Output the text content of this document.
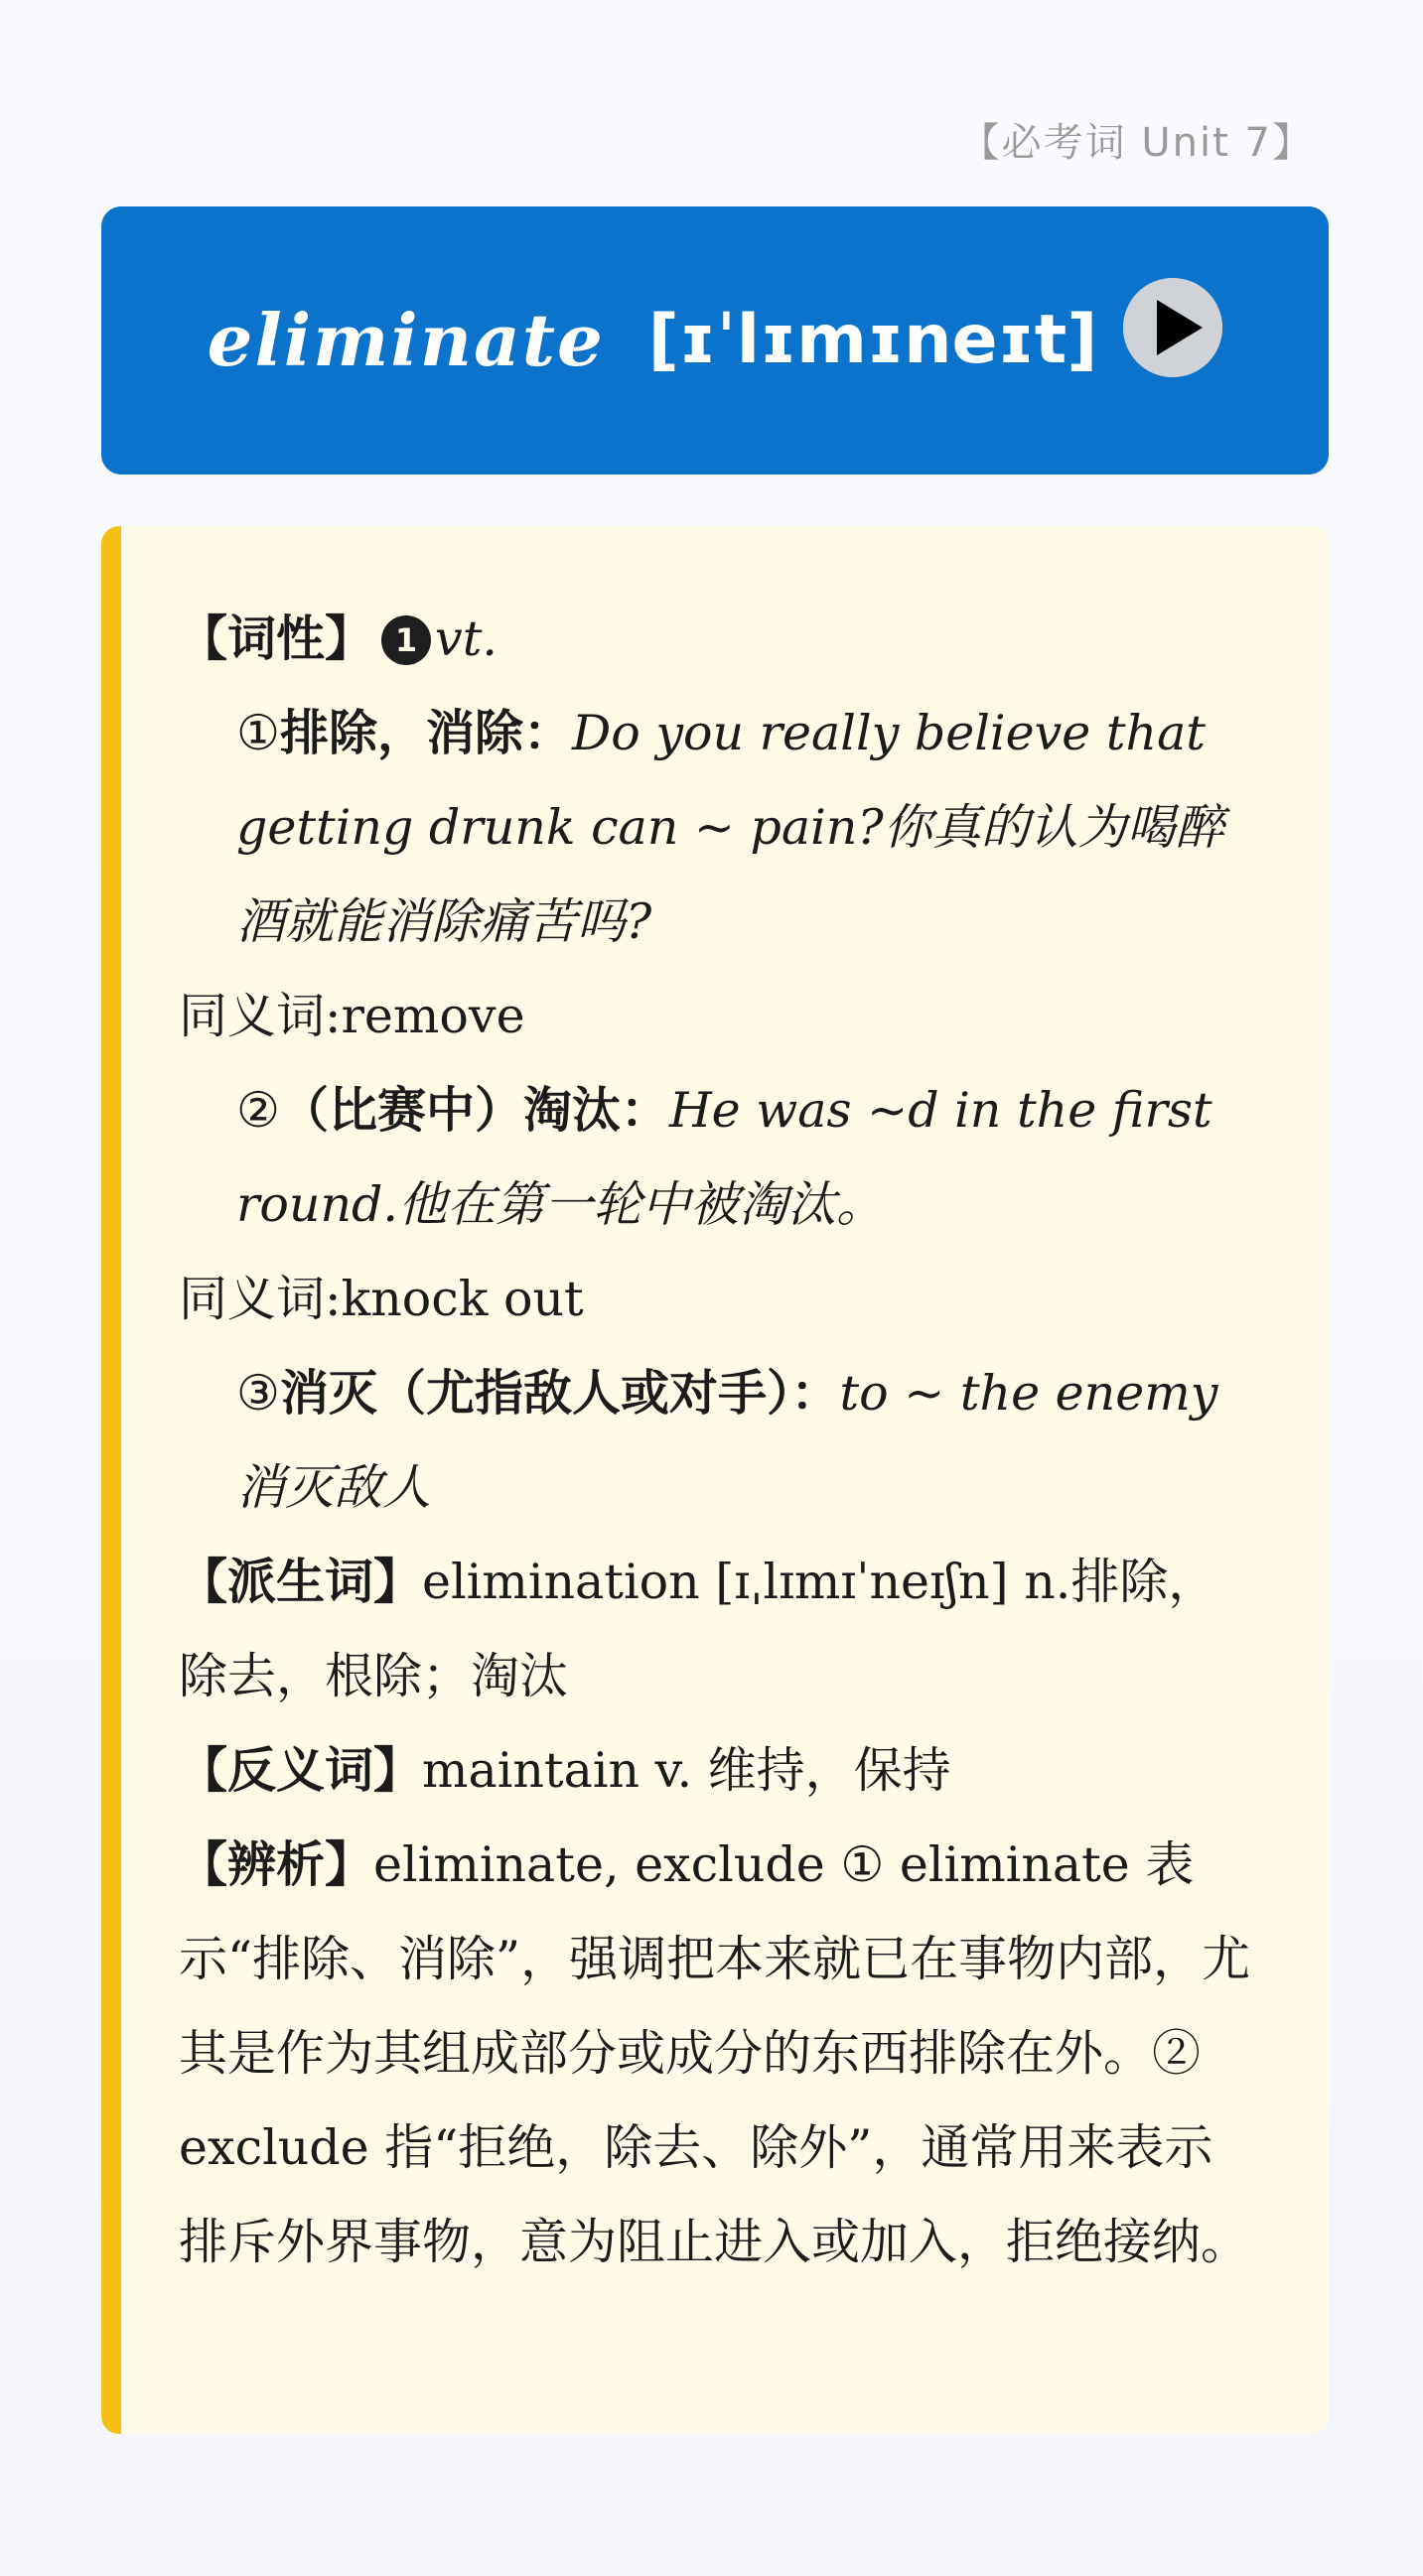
【必考词 Unit 7】
eliminate [ɪˈlɪmɪneɪt]

【词性】 1 vt.

①排除，消除：Do you really believe that getting drunk can ~ pain?你真的认为喝醉酒就能消除痛苦吗?

同义词:remove

②（比赛中）淘汰：He was ~d in the first round.他在第一轮中被淘汰。

同义词:knock out

③消灭（尤指敌人或对手）：to ~ the enemy 消灭敌人

【派生词】elimination [ɪˌlɪmɪˈneɪʃn] n.排除，除去，根除；淘汰

【反义词】maintain v. 维持，保持

【辨析】eliminate, exclude ① eliminate 表示“排除、消除”，强调把本来就已在事物内部，尤其是作为其组成部分或成分的东西排除在外。② exclude 指“拒绝，除去、除外”，通常用来表示排斥外界事物，意为阻止进入或加入，拒绝接纳。
